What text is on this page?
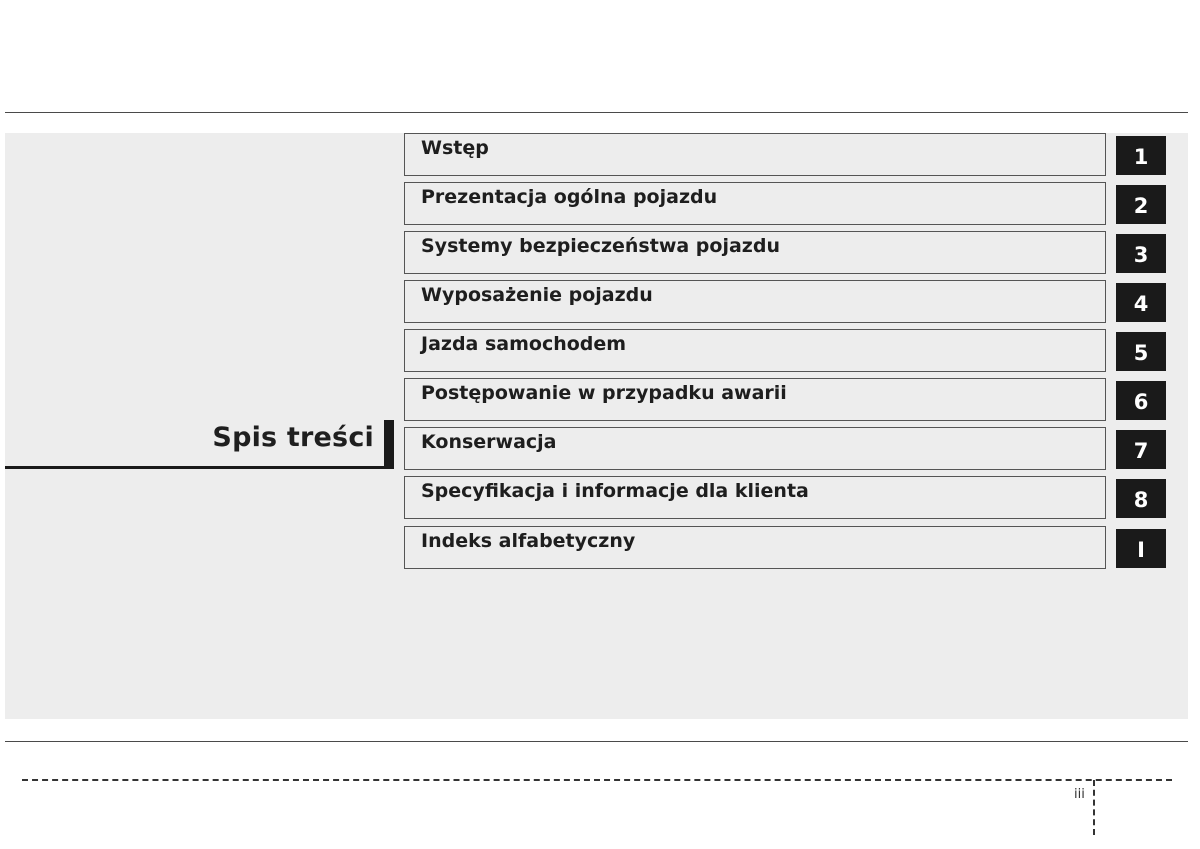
Spis treści
Wstęp	1
Prezentacja ogólna pojazdu	2
Systemy bezpieczeństwa pojazdu	3
Wyposażenie pojazdu	4
Jazda samochodem	5
Postępowanie w przypadku awarii	6
Konserwacja	7
Specyfikacja i informacje dla klienta	8
Indeks alfabetyczny	I
iii
